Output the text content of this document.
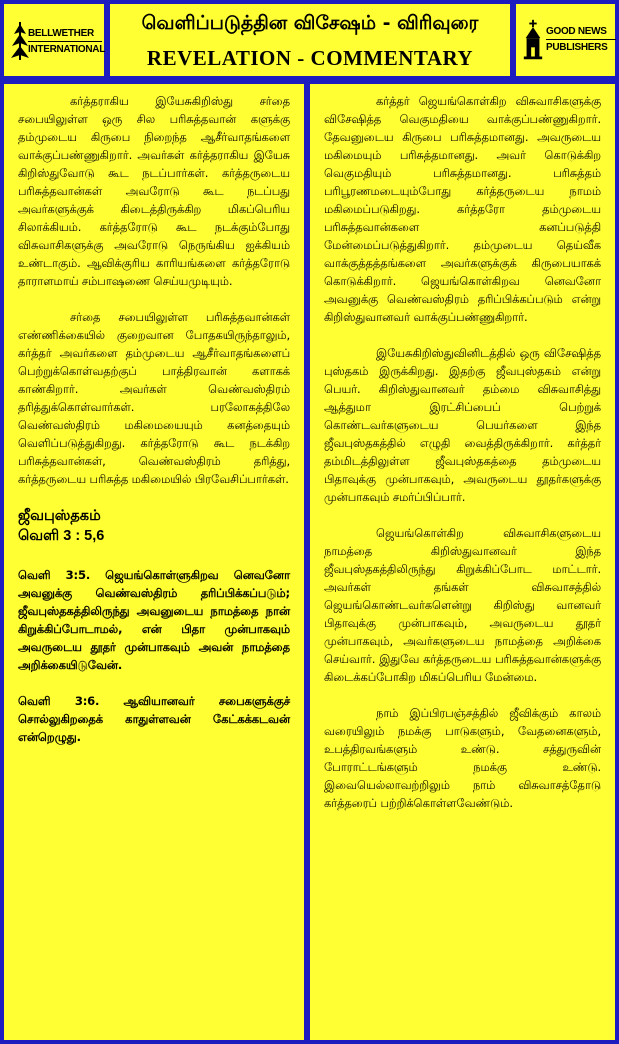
BELLWETHER
INTERNATIONAL
வெளிப்படுத்தின விசேஷம் - விரிவுரை
REVELATION - COMMENTARY
GOOD NEWS
PUBLISHERS

கர்த்தராகிய இயேசுகிறிஸ்து சர்தை சபையிலுள்ள ஒரு சில பரிசுத்தவான் களுக்கு தம்முடைய கிருபை நிறைந்த ஆசீர்வாதங்களை வாக்குப்பண்ணுகிறார். அவர்கள் கர்த்தராகிய இயேசு கிறிஸ்துவோடு கூட நடப்பார்கள். கர்த்தருடைய பரிசுத்தவான்கள் அவரோடு கூட நடப்பது அவர்களுக்குக் கிடைத்திருக்கிற மிகப்பெரிய சிலாக்கியம். கர்த்தரோடு கூட நடக்கும்போது விசுவாசிகளுக்கு அவரோடு நெருங்கிய ஐக்கியம் உண்டாகும். ஆவிக்குரிய காரியங்களை கர்த்தரோடு தாராளமாய் சம்பாஷணை செய்யமுடியும்.

சர்தை சபையிலுள்ள பரிசுத்தவான்கள் எண்ணிக்கையில் குறைவான போதகயிருந்தாலும், கர்த்தர் அவர்களை தம்முடைய ஆசீர்வாதங்களைப் பெற்றுக்கொள்வதற்குப் பாத்திரவான் களாகக் காண்கிறார். அவர்கள் வெண்வஸ்திரம் தரித்துக்கொள்வார்கள். பரலோகத்திலே வெண்வஸ்திரம் மகிமையையும் கனத்தையும் வெளிப்படுத்துகிறது. கர்த்தரோடு கூட நடக்கிற பரிசுத்தவான்கள், வெண்வஸ்திரம் தரித்து, கர்த்தருடைய பரிசுத்த மகிமையில் பிரவேசிப்பார்கள்.

ஜீவபுஸ்தகம்
வெளி 3 : 5,6

வெளி 3:5. ஜெயங்கொள்ளுகிறவ னெவனோ அவனுக்கு வெண்வஸ்திரம் தரிப்பிக்கப்படும்; ஜீவபுஸ்தகத்திலிருந்து அவனுடைய நாமத்தை நான் கிறுக்கிப்போடாமல், என் பிதா முன்பாகவும் அவருடைய தூதர் முன்பாகவும் அவன் நாமத்தை அறிக்கையிடுவேன்.

வெளி 3:6. ஆவியானவர் சபைகளுக்குச் சொல்லுகிறதைக் காதுள்ளவன் கேட்கக்கடவன் என்றெழுது.

கர்த்தர் ஜெயங்கொள்கிற விசுவாசிகளுக்கு விசேஷித்த வெகுமதியை வாக்குப்பண்ணுகிறார். தேவனுடைய கிருபை பரிசுத்தமானது. அவருடைய மகிமையும் பரிசுத்தமானது. அவர் கொடுக்கிற வெகுமதியும் பரிசுத்தமானது. பரிசுத்தம் பரிபூரணமடையும்போது கர்த்தருடைய நாமம் மகிமைப்படுகிறது. கர்த்தரோ தம்முடைய பரிசுத்தவான்களை கனப்படுத்தி மேன்மைப்படுத்துகிறார். தம்முடைய தெய்வீக வாக்குத்தத்தங்களை அவர்களுக்குக் கிருபையாகக் கொடுக்கிறார். ஜெயங்கொள்கிறவ னெவனோ அவனுக்கு வெண்வஸ்திரம் தரிப்பிக்கப்படும் என்று கிறிஸ்துவானவர் வாக்குப்பண்ணுகிறார்.

இயேசுகிறிஸ்துவினிடத்தில் ஒரு விசேஷித்த புஸ்தகம் இருக்கிறது. இதற்கு ஜீவபுஸ்தகம் என்று பெயர். கிறிஸ்துவானவர் தம்மை விசுவாசித்து ஆத்துமா இரட்சிப்பைப் பெற்றுக் கொண்டவர்களுடைய பெயர்களை இந்த ஜீவபுஸ்தகத்தில் எழுதி வைத்திருக்கிறார். கர்த்தர் தம்மிடத்திலுள்ள ஜீவபுஸ்தகத்தை தம்முடைய பிதாவுக்கு முன்பாகவும், அவருடைய தூதர்களுக்கு முன்பாகவும் சமர்ப்பிப்பார்.

ஜெயங்கொள்கிற விசுவாசிகளுடைய நாமத்தை கிறிஸ்துவானவர் இந்த ஜீவபுஸ்தகத்திலிருந்து கிறுக்கிப்போட மாட்டார். அவர்கள் தங்கள் விசுவாசத்தில் ஜெயங்கொண்டவர்களென்று கிறிஸ்து வானவர் பிதாவுக்கு முன்பாகவும், அவருடைய தூதர் முன்பாகவும், அவர்களுடைய நாமத்தை அறிக்கை செய்வார். இதுவே கர்த்தருடைய பரிசுத்தவான்களுக்கு கிடைக்கப்போகிற மிகப்பெரிய மேன்மை.

நாம் இப்பிரபஞ்சத்தில் ஜீவிக்கும் காலம் வரையிலும் நமக்கு பாடுகளும், வேதனைகளும், உபத்திரவங்களும் உண்டு. சத்துருவின் போராட்டங்களும் நமக்கு உண்டு. இவையெல்லாவற்றிலும் நாம் விசுவாசத்தோடு கர்த்தரைப் பற்றிக்கொள்ளவேண்டும்.
